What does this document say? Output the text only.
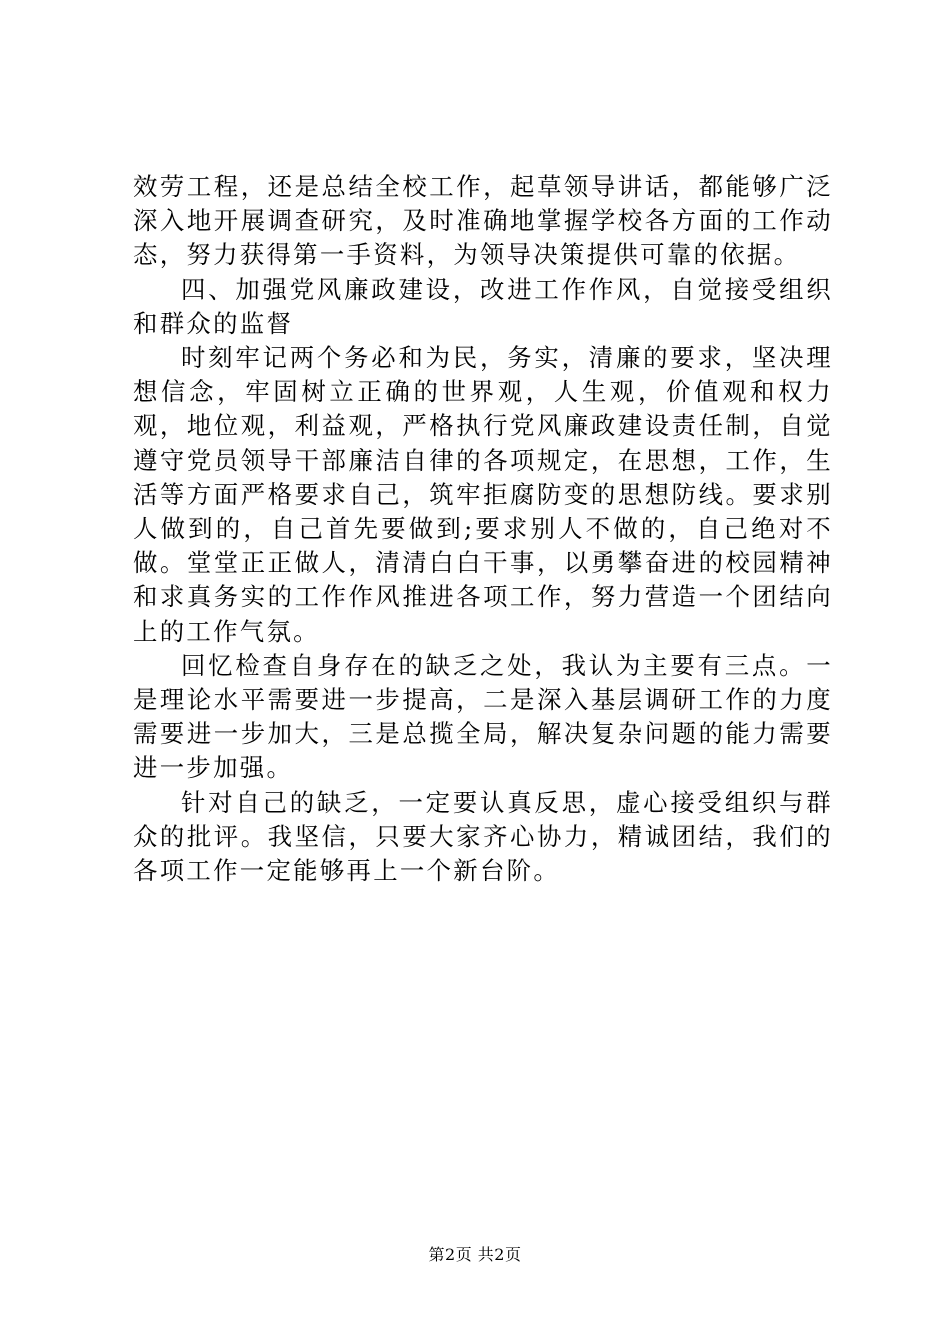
效劳工程，还是总结全校工作，起草领导讲话，都能够广泛深入地开展调查研究，及时准确地掌握学校各方面的工作动态，努力获得第一手资料，为领导决策提供可靠的依据。

四、加强党风廉政建设，改进工作作风，自觉接受组织和群众的监督

时刻牢记两个务必和为民，务实，清廉的要求，坚决理想信念，牢固树立正确的世界观，人生观，价值观和权力观，地位观，利益观，严格执行党风廉政建设责任制，自觉遵守党员领导干部廉洁自律的各项规定，在思想，工作，生活等方面严格要求自己，筑牢拒腐防变的思想防线。要求别人做到的，自己首先要做到;要求别人不做的，自己绝对不做。堂堂正正做人，清清白白干事，以勇攀奋进的校园精神和求真务实的工作作风推进各项工作，努力营造一个团结向上的工作气氛。

回忆检查自身存在的缺乏之处，我认为主要有三点。一是理论水平需要进一步提高，二是深入基层调研工作的力度需要进一步加大，三是总揽全局，解决复杂问题的能力需要进一步加强。

针对自己的缺乏，一定要认真反思，虚心接受组织与群众的批评。我坚信，只要大家齐心协力，精诚团结，我们的各项工作一定能够再上一个新台阶。

第2页 共2页
